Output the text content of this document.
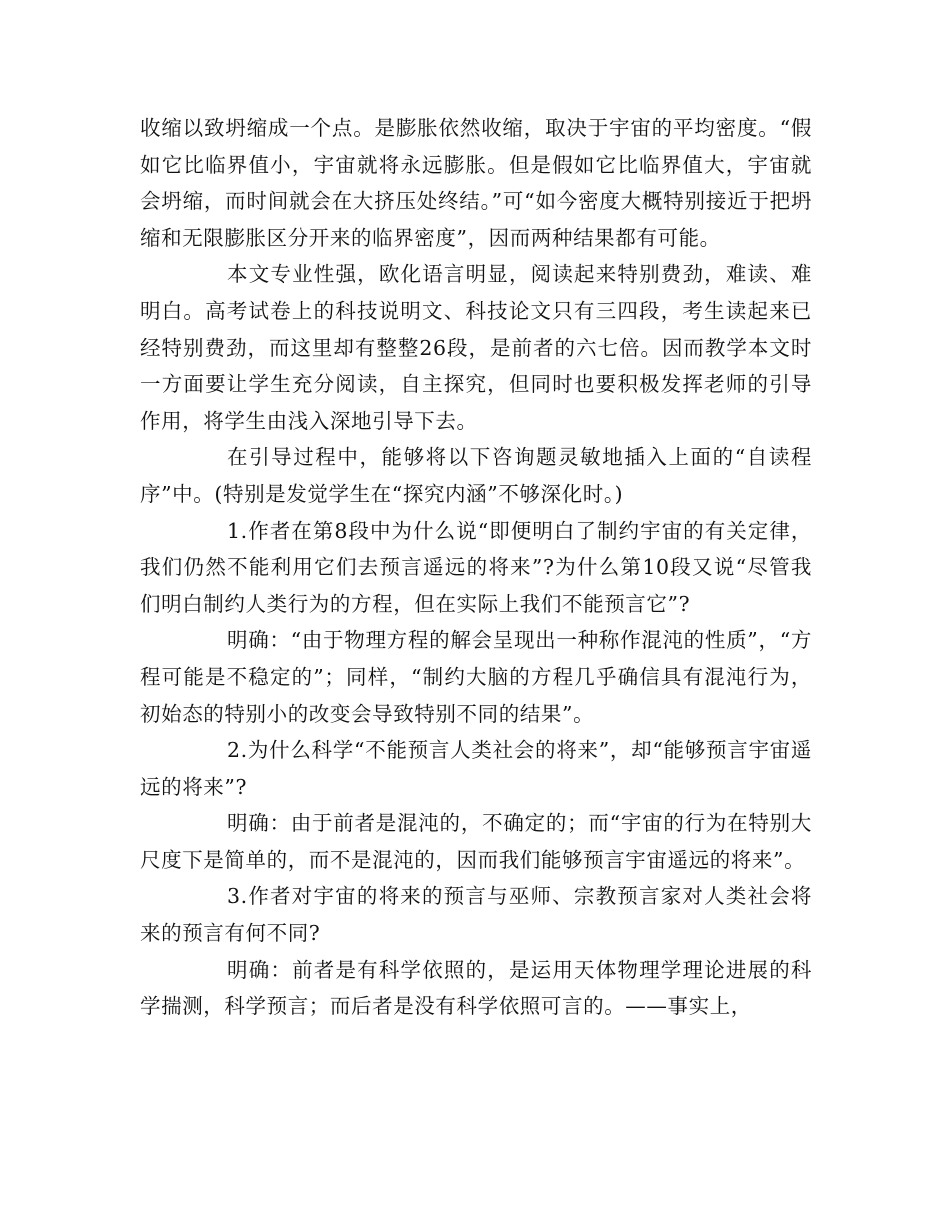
收缩以致坍缩成一个点。是膨胀依然收缩，取决于宇宙的平均密度。“假如它比临界值小，宇宙就将永远膨胀。但是假如它比临界值大，宇宙就会坍缩，而时间就会在大挤压处终结。”可“如今密度大概特别接近于把坍缩和无限膨胀区分开来的临界密度”，因而两种结果都有可能。

本文专业性强，欧化语言明显，阅读起来特别费劲，难读、难明白。高考试卷上的科技说明文、科技论文只有三四段，考生读起来已经特别费劲，而这里却有整整26段，是前者的六七倍。因而教学本文时一方面要让学生充分阅读，自主探究，但同时也要积极发挥老师的引导作用，将学生由浅入深地引导下去。

在引导过程中，能够将以下咨询题灵敏地插入上面的“自读程序”中。(特别是发觉学生在“探究内涵”不够深化时。)

1.作者在第8段中为什么说“即便明白了制约宇宙的有关定律，我们仍然不能利用它们去预言遥远的将来”?为什么第10段又说“尽管我们明白制约人类行为的方程，但在实际上我们不能预言它”?

明确：“由于物理方程的解会呈现出一种称作混沌的性质”，“方程可能是不稳定的”；同样，“制约大脑的方程几乎确信具有混沌行为，初始态的特别小的改变会导致特别不同的结果”。

2.为什么科学“不能预言人类社会的将来”，却“能够预言宇宙遥远的将来”?

明确：由于前者是混沌的，不确定的；而“宇宙的行为在特别大尺度下是简单的，而不是混沌的，因而我们能够预言宇宙遥远的将来”。

3.作者对宇宙的将来的预言与巫师、宗教预言家对人类社会将来的预言有何不同?

明确：前者是有科学依照的，是运用天体物理学理论进展的科学揣测，科学预言；而后者是没有科学依照可言的。——事实上，
